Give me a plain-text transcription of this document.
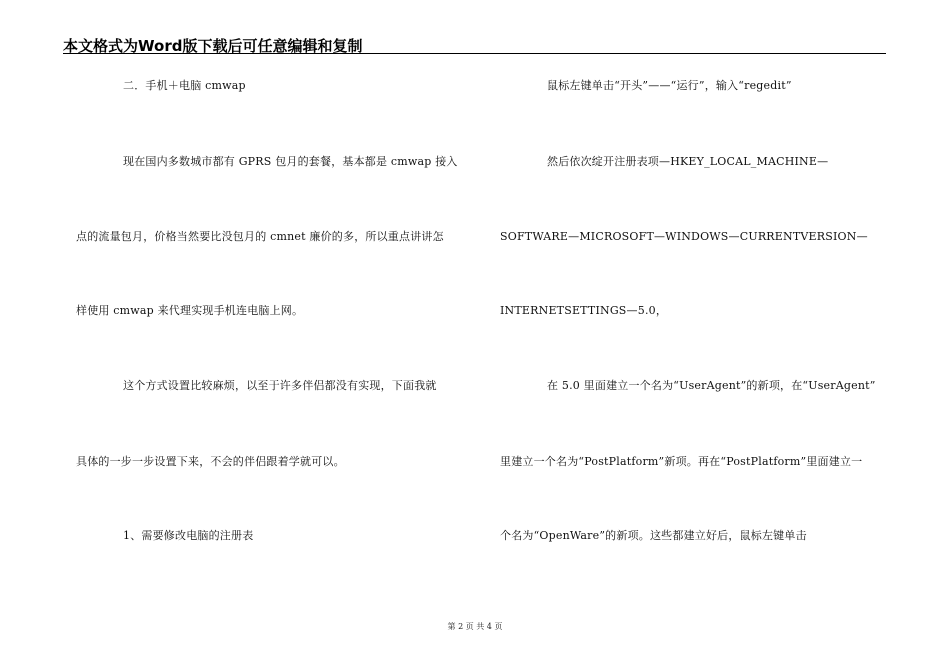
本文格式为Word版下载后可任意编辑和复制
二．手机＋电脑 cmwap
现在国内多数城市都有 GPRS 包月的套餐，基本都是 cmwap 接入
点的流量包月，价格当然要比没包月的 cmnet 廉价的多，所以重点讲讲怎
样使用 cmwap 来代理实现手机连电脑上网。
这个方式设置比较麻烦，以至于许多伴侣都没有实现，下面我就
具体的一步一步设置下来，不会的伴侣跟着学就可以。
1、需要修改电脑的注册表
鼠标左键单击“开头”——“运行”，输入“regedit”
然后依次绽开注册表项—HKEY_LOCAL_MACHINE—
SOFTWARE—MICROSOFT—WINDOWS—CURRENTVERSION—
INTERNETSETTINGS—5.0，
在 5.0 里面建立一个名为“UserAgent”的新项，在“UserAgent”
里建立一个名为“PostPlatform”新项。再在“PostPlatform”里面建立一
个名为“OpenWare”的新项。这些都建立好后，鼠标左键单击
第 2 页 共 4 页
